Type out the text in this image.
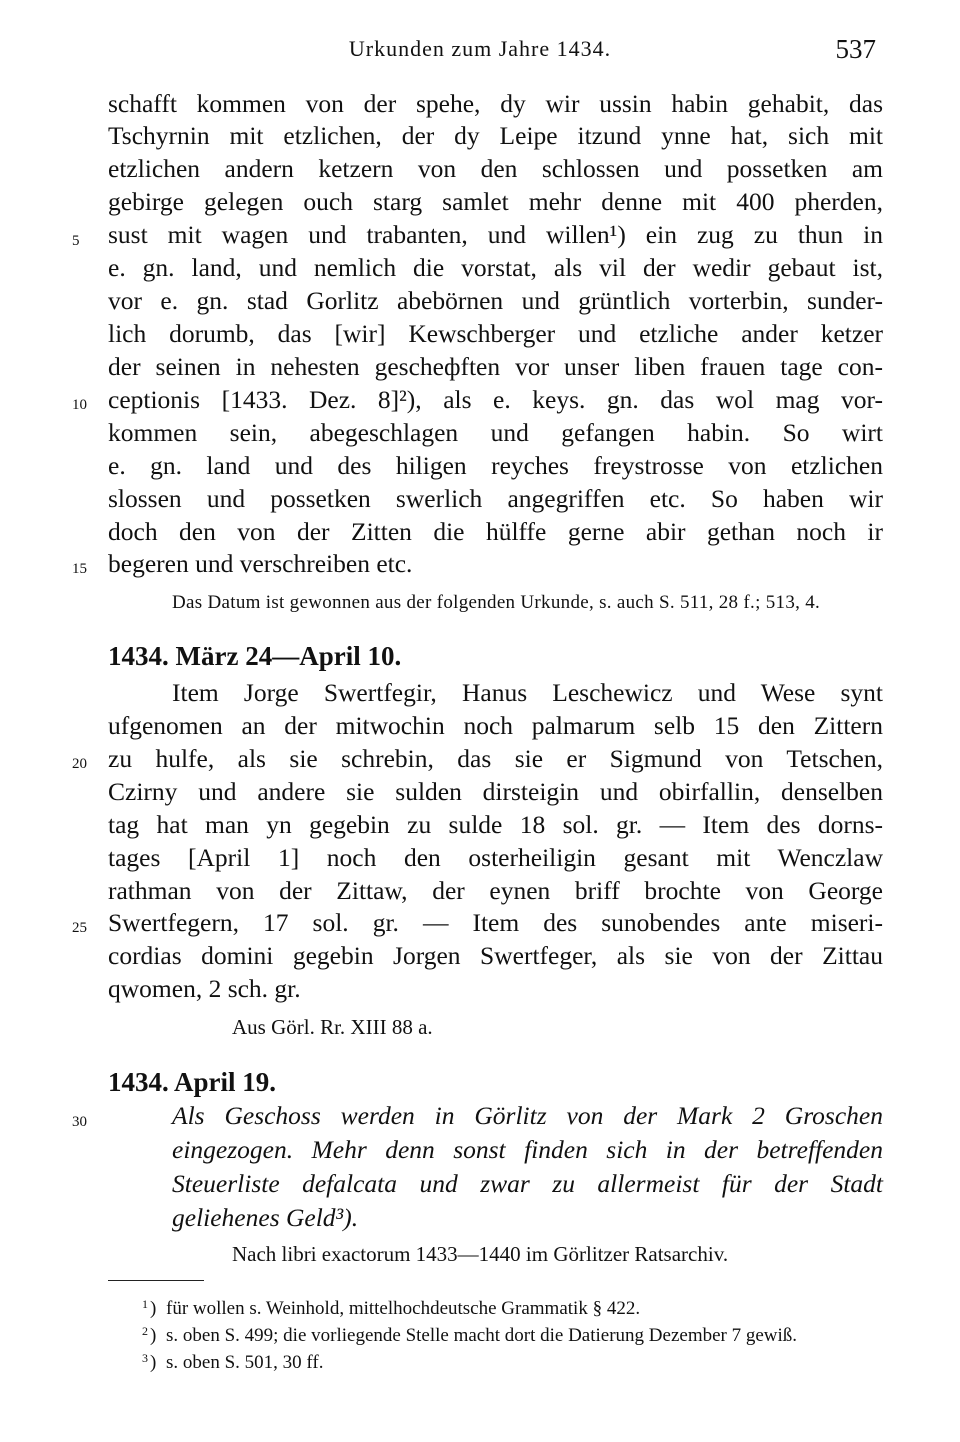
Urkunden zum Jahre 1434.	537
schafft kommen von der spehe, dy wir ussin habin gehabit, das
Tschyrnin mit etzlichen, der dy Leipe itzund ynne hat, sich mit
etzlichen andern ketzern von den schlossen und possetken am
gebirge gelegen ouch starg samlet mehr denne mit 400 pherden,
5	sust mit wagen und trabanten, und willen¹) ein zug zu thun in
e. gn. land, und nemlich die vorstat, als vil der wedir gebaut ist,
vor e. gn. stad Gorlitz abebörnen und grüntlich vorterbin, sunder-
lich dorumb, das [wir] Kewschberger und etzliche ander ketzer
der seinen in nehesten gescheфften vor unser liben frauen tage con-
10 ceptionis [1433. Dez. 8]²), als e. keys. gn. das wol mag vor-
kommen sein, abegeschlagen und gefangen habin. So wirt
e. gn. land und des hiligen reyches freystrosse von etzlichen
slossen und possetken swerlich angegriffen etc. So haben wir
doch den von der Zitten die hülffe gerne abir gethan noch ir
15 begeren und verschreiben etc.
Das Datum ist gewonnen aus der folgenden Urkunde, s. auch S. 511, 28 f.; 513, 4.
1434. März 24—April 10.
Item Jorge Swertfegir, Hanus Leschewicz und Wese synt
ufgenomen an der mitwochin noch palmarum selb 15 den Zittern
20 zu hulfe, als sie schrebin, das sie er Sigmund von Tetschen,
Czirny und andere sie sulden dirsteigin und obirfallin, denselben
tag hat man yn gegebin zu sulde 18 sol. gr. — Item des dorns-
tages [April 1] noch den osterheiligin gesant mit Wenczlaw
rathman von der Zittaw, der eynen briff brochte von George
25 Swertfegern, 17 sol. gr. — Item des sunobendes ante miseri-
cordias domini gegebin Jorgen Swertfeger, als sie von der Zittau
qwomen, 2 sch. gr.
Aus Görl. Rr. XIII 88 a.
1434. April 19.
30	Als Geschoss werden in Görlitz von der Mark 2 Groschen
eingezogen. Mehr denn sonst finden sich in der betreffenden
Steuerliste defalcata und zwar zu allermeist für der Stadt
geliehenes Geld³).
Nach libri exactorum 1433—1440 im Görlitzer Ratsarchiv.
1 ) für wollen s. Weinhold, mittelhochdeutsche Grammatik § 422.
2 ) s. oben S. 499; die vorliegende Stelle macht dort die Datierung Dezember 7 gewiß.
3 ) s. oben S. 501, 30 ff.
